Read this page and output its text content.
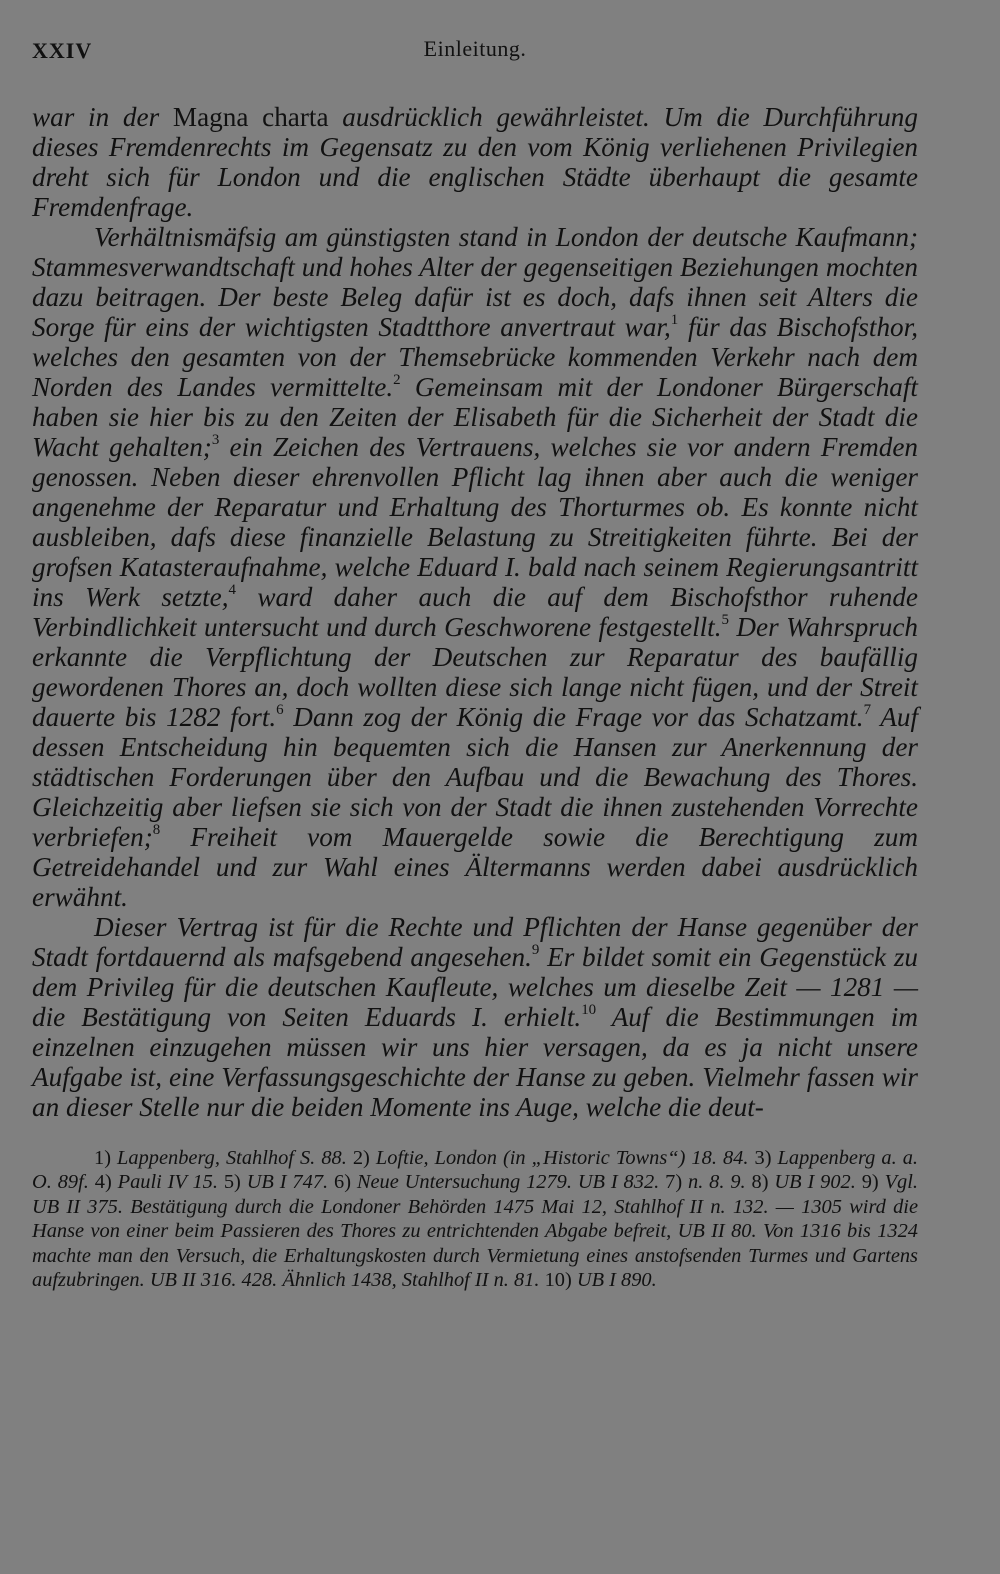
XXIV	Einleitung.

war in der Magna charta ausdrücklich gewährleistet. Um die Durchführung dieses Fremdenrechts im Gegensatz zu den vom König verliehenen Privilegien dreht sich für London und die englischen Städte überhaupt die gesamte Fremdenfrage.

Verhältnismäfsig am günstigsten stand in London der deutsche Kaufmann; Stammesverwandtschaft und hohes Alter der gegenseitigen Beziehungen mochten dazu beitragen. Der beste Beleg dafür ist es doch, dafs ihnen seit Alters die Sorge für eins der wichtigsten Stadtthore anvertraut war,$^1$ für das Bischofsthor, welches den gesamten von der Themsebrücke kommenden Verkehr nach dem Norden des Landes vermittelte.$^2$ Gemeinsam mit der Londoner Bürgerschaft haben sie hier bis zu den Zeiten der Elisabeth für die Sicherheit der Stadt die Wacht gehalten;$^3$ ein Zeichen des Vertrauens, welches sie vor andern Fremden genossen. Neben dieser ehrenvollen Pflicht lag ihnen aber auch die weniger angenehme der Reparatur und Erhaltung des Thorturmes ob. Es konnte nicht ausbleiben, dafs diese finanzielle Belastung zu Streitigkeiten führte. Bei der grofsen Katasteraufnahme, welche Eduard I. bald nach seinem Regierungsantritt ins Werk setzte,$^4$ ward daher auch die auf dem Bischofsthor ruhende Verbindlichkeit untersucht und durch Geschworene festgestellt.$^5$ Der Wahrspruch erkannte die Verpflichtung der Deutschen zur Reparatur des baufällig gewordenen Thores an, doch wollten diese sich lange nicht fügen, und der Streit dauerte bis 1282 fort.$^6$ Dann zog der König die Frage vor das Schatzamt.$^7$ Auf dessen Entscheidung hin bequemten sich die Hansen zur Anerkennung der städtischen Forderungen über den Aufbau und die Bewachung des Thores. Gleichzeitig aber liefsen sie sich von der Stadt die ihnen zustehenden Vorrechte verbriefen;$^8$ Freiheit vom Mauergelde sowie die Berechtigung zum Getreidehandel und zur Wahl eines Ältermanns werden dabei ausdrücklich erwähnt.

Dieser Vertrag ist für die Rechte und Pflichten der Hanse gegenüber der Stadt fortdauernd als mafsgebend angesehen.$^9$ Er bildet somit ein Gegenstück zu dem Privileg für die deutschen Kaufleute, welches um dieselbe Zeit — 1281 — die Bestätigung von Seiten Eduards I. erhielt.$^{10}$ Auf die Bestimmungen im einzelnen einzugehen müssen wir uns hier versagen, da es ja nicht unsere Aufgabe ist, eine Verfassungsgeschichte der Hanse zu geben. Vielmehr fassen wir an dieser Stelle nur die beiden Momente ins Auge, welche die deut-

1) Lappenberg, Stahlhof S. 88. 2) Loftie, London (in „Historic Towns“) 18. 84. 3) Lappenberg a. a. O. 89f. 4) Pauli IV 15. 5) UB I 747. 6) Neue Untersuchung 1279. UB I 832. 7) n. 8. 9. 8) UB I 902. 9) Vgl. UB II 375. Bestätigung durch die Londoner Behörden 1475 Mai 12, Stahlhof II n. 132. — 1305 wird die Hanse von einer beim Passieren des Thores zu entrichtenden Abgabe befreit, UB II 80. Von 1316 bis 1324 machte man den Versuch, die Erhaltungskosten durch Vermietung eines anstofsenden Turmes und Gartens aufzubringen. UB II 316. 428. Ähnlich 1438, Stahlhof II n. 81. 10) UB I 890.
